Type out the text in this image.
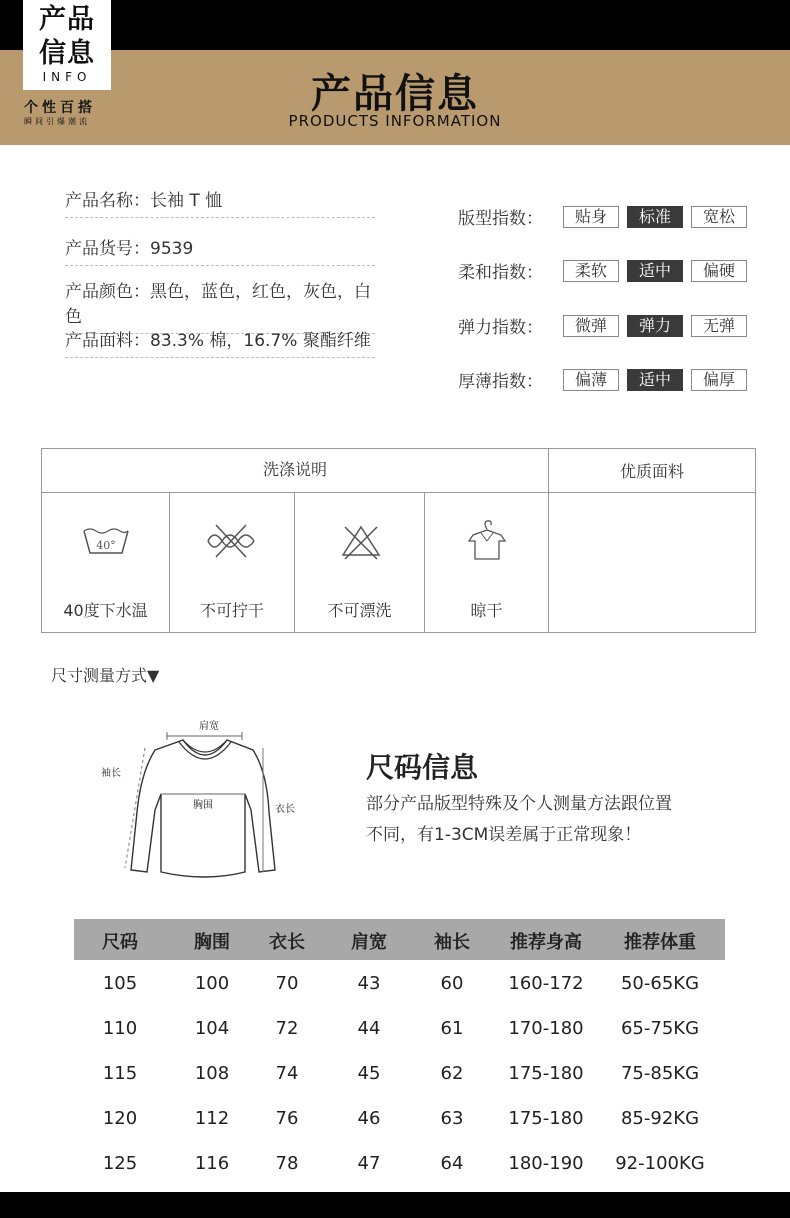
产品
信息
INFO
个性百搭
瞬间引爆潮流
产品信息
PRODUCTS INFORMATION
产品名称：长袖 T 恤
产品货号：9539
产品颜色：黑色，蓝色，红色，灰色，白色
产品面料：83.3% 棉，16.7% 聚酯纤维
版型指数：	贴身	标准	宽松
柔和指数：	柔软	适中	偏硬
弹力指数：	微弹	弹力	无弹
厚薄指数：	偏薄	适中	偏厚
洗涤说明	优质面料
40°
40度下水温	不可拧干	不可漂洗	晾干
尺寸测量方式▼
肩宽
胸围
袖长
衣长
尺码信息
部分产品版型特殊及个人测量方法跟位置
不同，有1-3CM误差属于正常现象！
尺码	胸围	衣长	肩宽	袖长	推荐身高	推荐体重
105	100	70	43	60	160-172	50-65KG
110	104	72	44	61	170-180	65-75KG
115	108	74	45	62	175-180	75-85KG
120	112	76	46	63	175-180	85-92KG
125	116	78	47	64	180-190	92-100KG
